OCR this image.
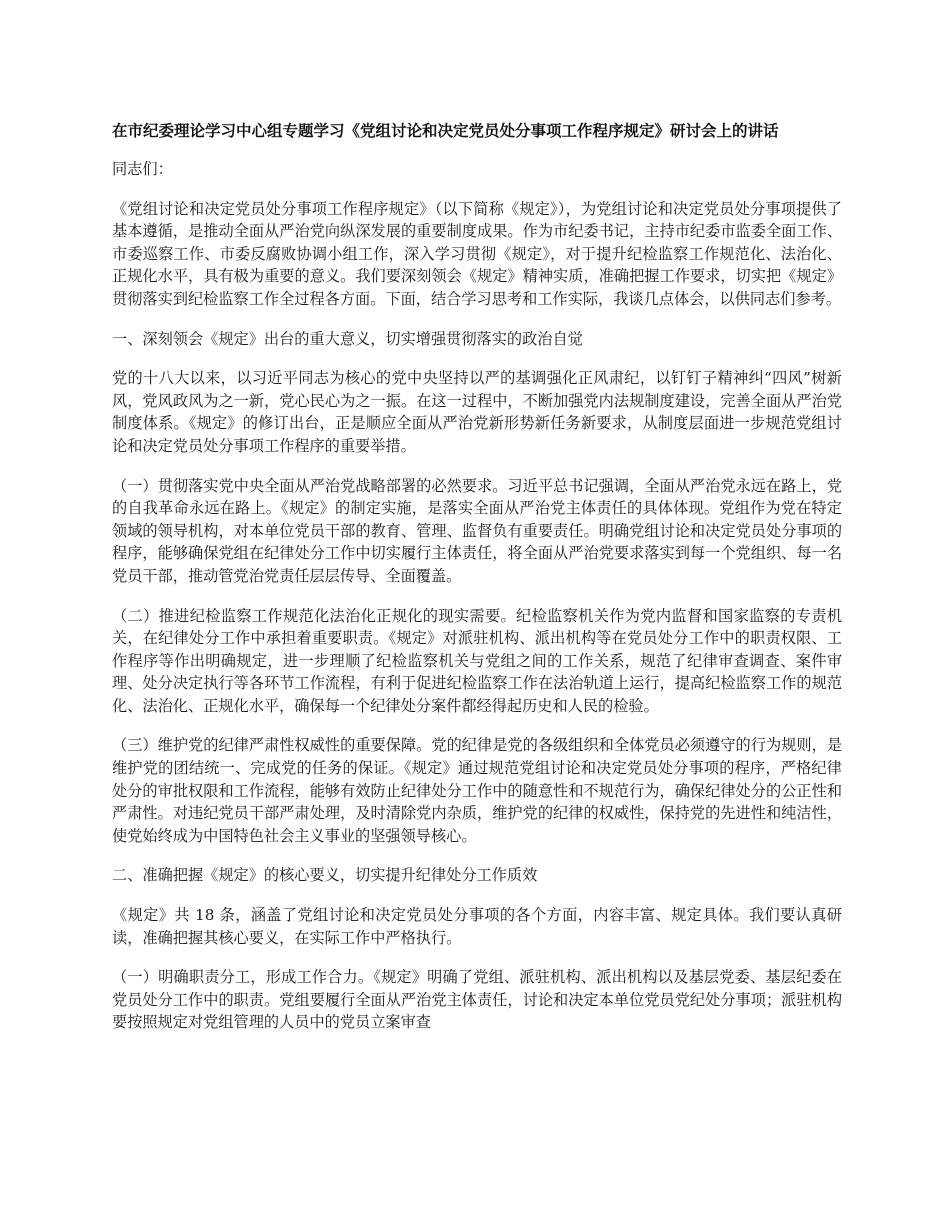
在市纪委理论学习中心组专题学习《党组讨论和决定党员处分事项工作程序规定》研讨会上的讲话

同志们：

《党组讨论和决定党员处分事项工作程序规定》（以下简称《规定》），为党组讨论和决定党员处分事项提供了基本遵循，是推动全面从严治党向纵深发展的重要制度成果。作为市纪委书记，主持市纪委市监委全面工作、市委巡察工作、市委反腐败协调小组工作，深入学习贯彻《规定》，对于提升纪检监察工作规范化、法治化、正规化水平，具有极为重要的意义。我们要深刻领会《规定》精神实质，准确把握工作要求，切实把《规定》贯彻落实到纪检监察工作全过程各方面。下面，结合学习思考和工作实际，我谈几点体会，以供同志们参考。

一、深刻领会《规定》出台的重大意义，切实增强贯彻落实的政治自觉

党的十八大以来，以习近平同志为核心的党中央坚持以严的基调强化正风肃纪，以钉钉子精神纠“四风”树新风，党风政风为之一新，党心民心为之一振。在这一过程中，不断加强党内法规制度建设，完善全面从严治党制度体系。《规定》的修订出台，正是顺应全面从严治党新形势新任务新要求，从制度层面进一步规范党组讨论和决定党员处分事项工作程序的重要举措。

（一）贯彻落实党中央全面从严治党战略部署的必然要求。习近平总书记强调，全面从严治党永远在路上，党的自我革命永远在路上。《规定》的制定实施，是落实全面从严治党主体责任的具体体现。党组作为党在特定领域的领导机构，对本单位党员干部的教育、管理、监督负有重要责任。明确党组讨论和决定党员处分事项的程序，能够确保党组在纪律处分工作中切实履行主体责任，将全面从严治党要求落实到每一个党组织、每一名党员干部，推动管党治党责任层层传导、全面覆盖。

（二）推进纪检监察工作规范化法治化正规化的现实需要。纪检监察机关作为党内监督和国家监察的专责机关，在纪律处分工作中承担着重要职责。《规定》对派驻机构、派出机构等在党员处分工作中的职责权限、工作程序等作出明确规定，进一步理顺了纪检监察机关与党组之间的工作关系，规范了纪律审查调查、案件审理、处分决定执行等各环节工作流程，有利于促进纪检监察工作在法治轨道上运行，提高纪检监察工作的规范化、法治化、正规化水平，确保每一个纪律处分案件都经得起历史和人民的检验。

（三）维护党的纪律严肃性权威性的重要保障。党的纪律是党的各级组织和全体党员必须遵守的行为规则，是维护党的团结统一、完成党的任务的保证。《规定》通过规范党组讨论和决定党员处分事项的程序，严格纪律处分的审批权限和工作流程，能够有效防止纪律处分工作中的随意性和不规范行为，确保纪律处分的公正性和严肃性。对违纪党员干部严肃处理，及时清除党内杂质，维护党的纪律的权威性，保持党的先进性和纯洁性，使党始终成为中国特色社会主义事业的坚强领导核心。

二、准确把握《规定》的核心要义，切实提升纪律处分工作质效

《规定》共 18 条，涵盖了党组讨论和决定党员处分事项的各个方面，内容丰富、规定具体。我们要认真研读，准确把握其核心要义，在实际工作中严格执行。

（一）明确职责分工，形成工作合力。《规定》明确了党组、派驻机构、派出机构以及基层党委、基层纪委在党员处分工作中的职责。党组要履行全面从严治党主体责任，讨论和决定本单位党员党纪处分事项；派驻机构要按照规定对党组管理的人员中的党员立案审查
